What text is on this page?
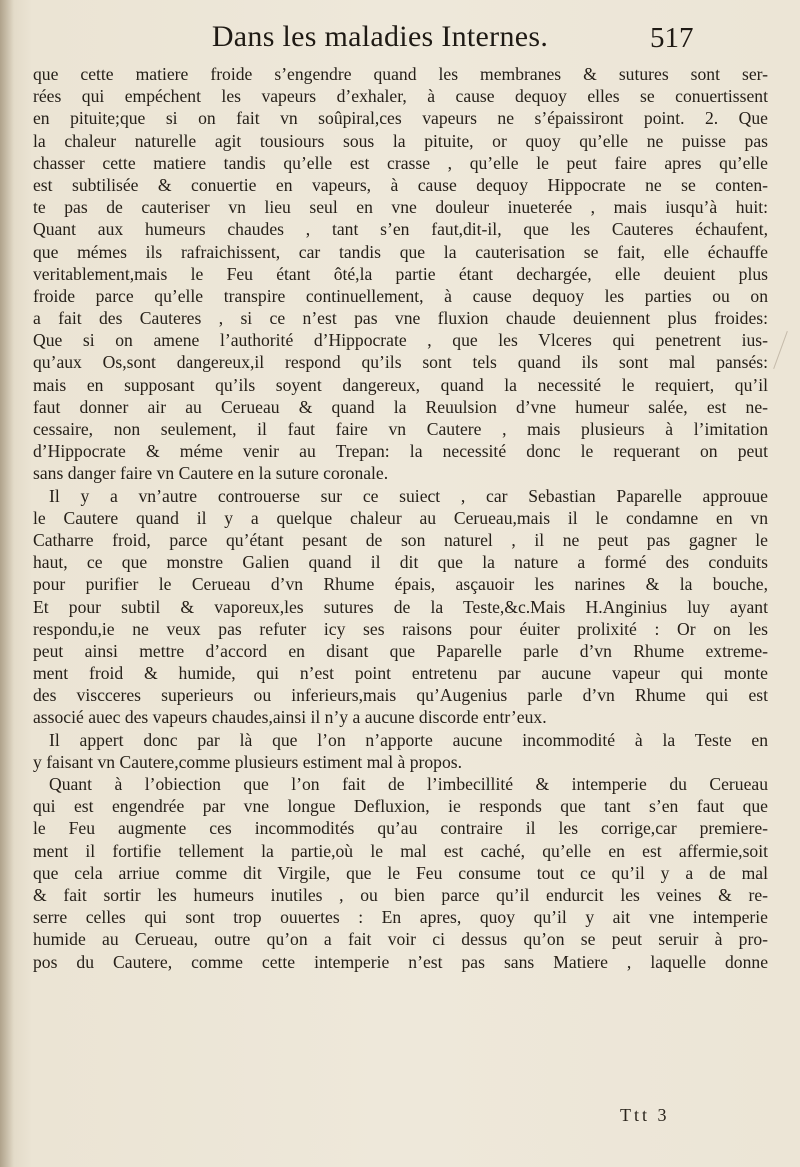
Dans les maladies Internes.	517
que cette matiere froide s’engendre quand les membranes & sutures sont ser-
rées qui empéchent les vapeurs d’exhaler, à cause dequoy elles se conuertissent
en pituite;que si on fait vn soûpiral,ces vapeurs ne s’épaissiront point. 2. Que
la chaleur naturelle agit tousiours sous la pituite, or quoy qu’elle ne puisse pas
chasser cette matiere tandis qu’elle est crasse , qu’elle le peut faire apres qu’elle
est subtilisée & conuertie en vapeurs, à cause dequoy Hippocrate ne se conten-
te pas de cauteriser vn lieu seul en vne douleur inueterée , mais iusqu’à huit:
Quant aux humeurs chaudes , tant s’en faut,dit-il, que les Cauteres échaufent,
que mémes ils rafraichissent, car tandis que la cauterisation se fait, elle échauffe
veritablement,mais le Feu étant ôté,la partie étant dechargée, elle deuient plus
froide parce qu’elle transpire continuellement, à cause dequoy les parties ou on
a fait des Cauteres , si ce n’est pas vne fluxion chaude deuiennent plus froides:
Que si on amene l’authorité d’Hippocrate , que les Vlceres qui penetrent ius-
qu’aux Os,sont dangereux,il respond qu’ils sont tels quand ils sont mal pansés:
mais en supposant qu’ils soyent dangereux, quand la necessité le requiert, qu’il
faut donner air au Cerueau & quand la Reuulsion d’vne humeur salée, est ne-
cessaire, non seulement, il faut faire vn Cautere , mais plusieurs à l’imitation
d’Hippocrate & méme venir au Trepan: la necessité donc le requerant on peut
sans danger faire vn Cautere en la suture coronale.
Il y a vn’autre controuerse sur ce suiect , car Sebastian Paparelle approuue
le Cautere quand il y a quelque chaleur au Cerueau,mais il le condamne en vn
Catharre froid, parce qu’étant pesant de son naturel , il ne peut pas gagner le
haut, ce que monstre Galien quand il dit que la nature a formé des conduits
pour purifier le Cerueau d’vn Rhume épais, asçauoir les narines & la bouche,
Et pour subtil & vaporeux,les sutures de la Teste,&c.Mais H.Anginius luy ayant
respondu,ie ne veux pas refuter icy ses raisons pour éuiter prolixité : Or on les
peut ainsi mettre d’accord en disant que Paparelle parle d’vn Rhume extreme-
ment froid & humide, qui n’est point entretenu par aucune vapeur qui monte
des viscceres superieurs ou inferieurs,mais qu’Augenius parle d’vn Rhume qui est
associé auec des vapeurs chaudes,ainsi il n’y a aucune discorde entr’eux.
Il appert donc par là que l’on n’apporte aucune incommodité à la Teste en
y faisant vn Cautere,comme plusieurs estiment mal à propos.
Quant à l’obiection que l’on fait de l’imbecillité & intemperie du Cerueau
qui est engendrée par vne longue Defluxion, ie responds que tant s’en faut que
le Feu augmente ces incommodités qu’au contraire il les corrige,car premiere-
ment il fortifie tellement la partie,où le mal est caché, qu’elle en est affermie,soit
que cela arriue comme dit Virgile, que le Feu consume tout ce qu’il y a de mal
& fait sortir les humeurs inutiles , ou bien parce qu’il endurcit les veines & re-
serre celles qui sont trop ouuertes : En apres, quoy qu’il y ait vne intemperie
humide au Cerueau, outre qu’on a fait voir ci dessus qu’on se peut seruir à pro-
pos du Cautere, comme cette intemperie n’est pas sans Matiere , laquelle donne
Ttt 3
